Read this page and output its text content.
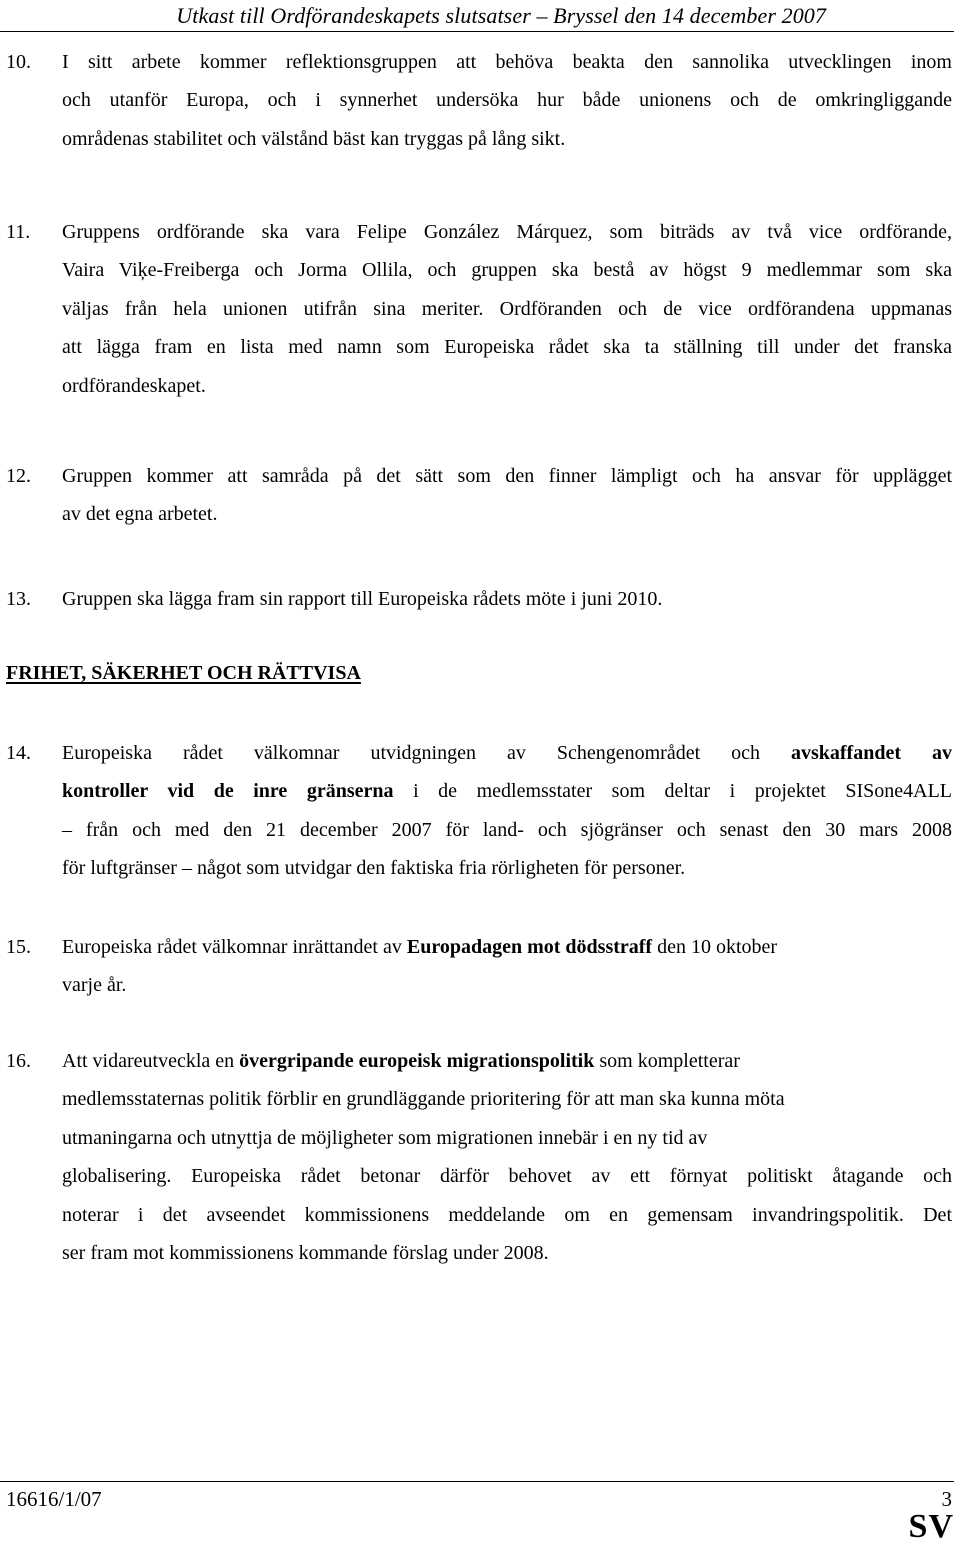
Utkast till Ordförandeskapets slutsatser – Bryssel den 14 december 2007
10. I sitt arbete kommer reflektionsgruppen att behöva beakta den sannolika utvecklingen inom
och utanför Europa, och i synnerhet undersöka hur både unionens och de omkringliggande
områdenas stabilitet och välstånd bäst kan tryggas på lång sikt.
11. Gruppens ordförande ska vara Felipe González Márquez, som biträds av två vice ordförande,
Vaira Viķe-Freiberga och Jorma Ollila, och gruppen ska bestå av högst 9 medlemmar som ska
väljas från hela unionen utifrån sina meriter. Ordföranden och de vice ordförandena uppmanas
att lägga fram en lista med namn som Europeiska rådet ska ta ställning till under det franska
ordförandeskapet.
12. Gruppen kommer att samråda på det sätt som den finner lämpligt och ha ansvar för upplägget
av det egna arbetet.
13. Gruppen ska lägga fram sin rapport till Europeiska rådets möte i juni 2010.
FRIHET, SÄKERHET OCH RÄTTVISA
14. Europeiska rådet välkomnar utvidgningen av Schengenområdet och avskaffandet av
kontroller vid de inre gränserna i de medlemsstater som deltar i projektet SISone4ALL
– från och med den 21 december 2007 för land- och sjögränser och senast den 30 mars 2008
för luftgränser – något som utvidgar den faktiska fria rörligheten för personer.
15. Europeiska rådet välkomnar inrättandet av Europadagen mot dödsstraff den 10 oktober
varje år.
16. Att vidareutveckla en övergripande europeisk migrationspolitik som kompletterar
medlemsstaternas politik förblir en grundläggande prioritering för att man ska kunna möta
utmaningarna och utnyttja de möjligheter som migrationen innebär i en ny tid av
globalisering. Europeiska rådet betonar därför behovet av ett förnyat politiskt åtagande och
noterar i det avseendet kommissionens meddelande om en gemensam invandringspolitik. Det
ser fram mot kommissionens kommande förslag under 2008.
16616/1/07	3
SV
